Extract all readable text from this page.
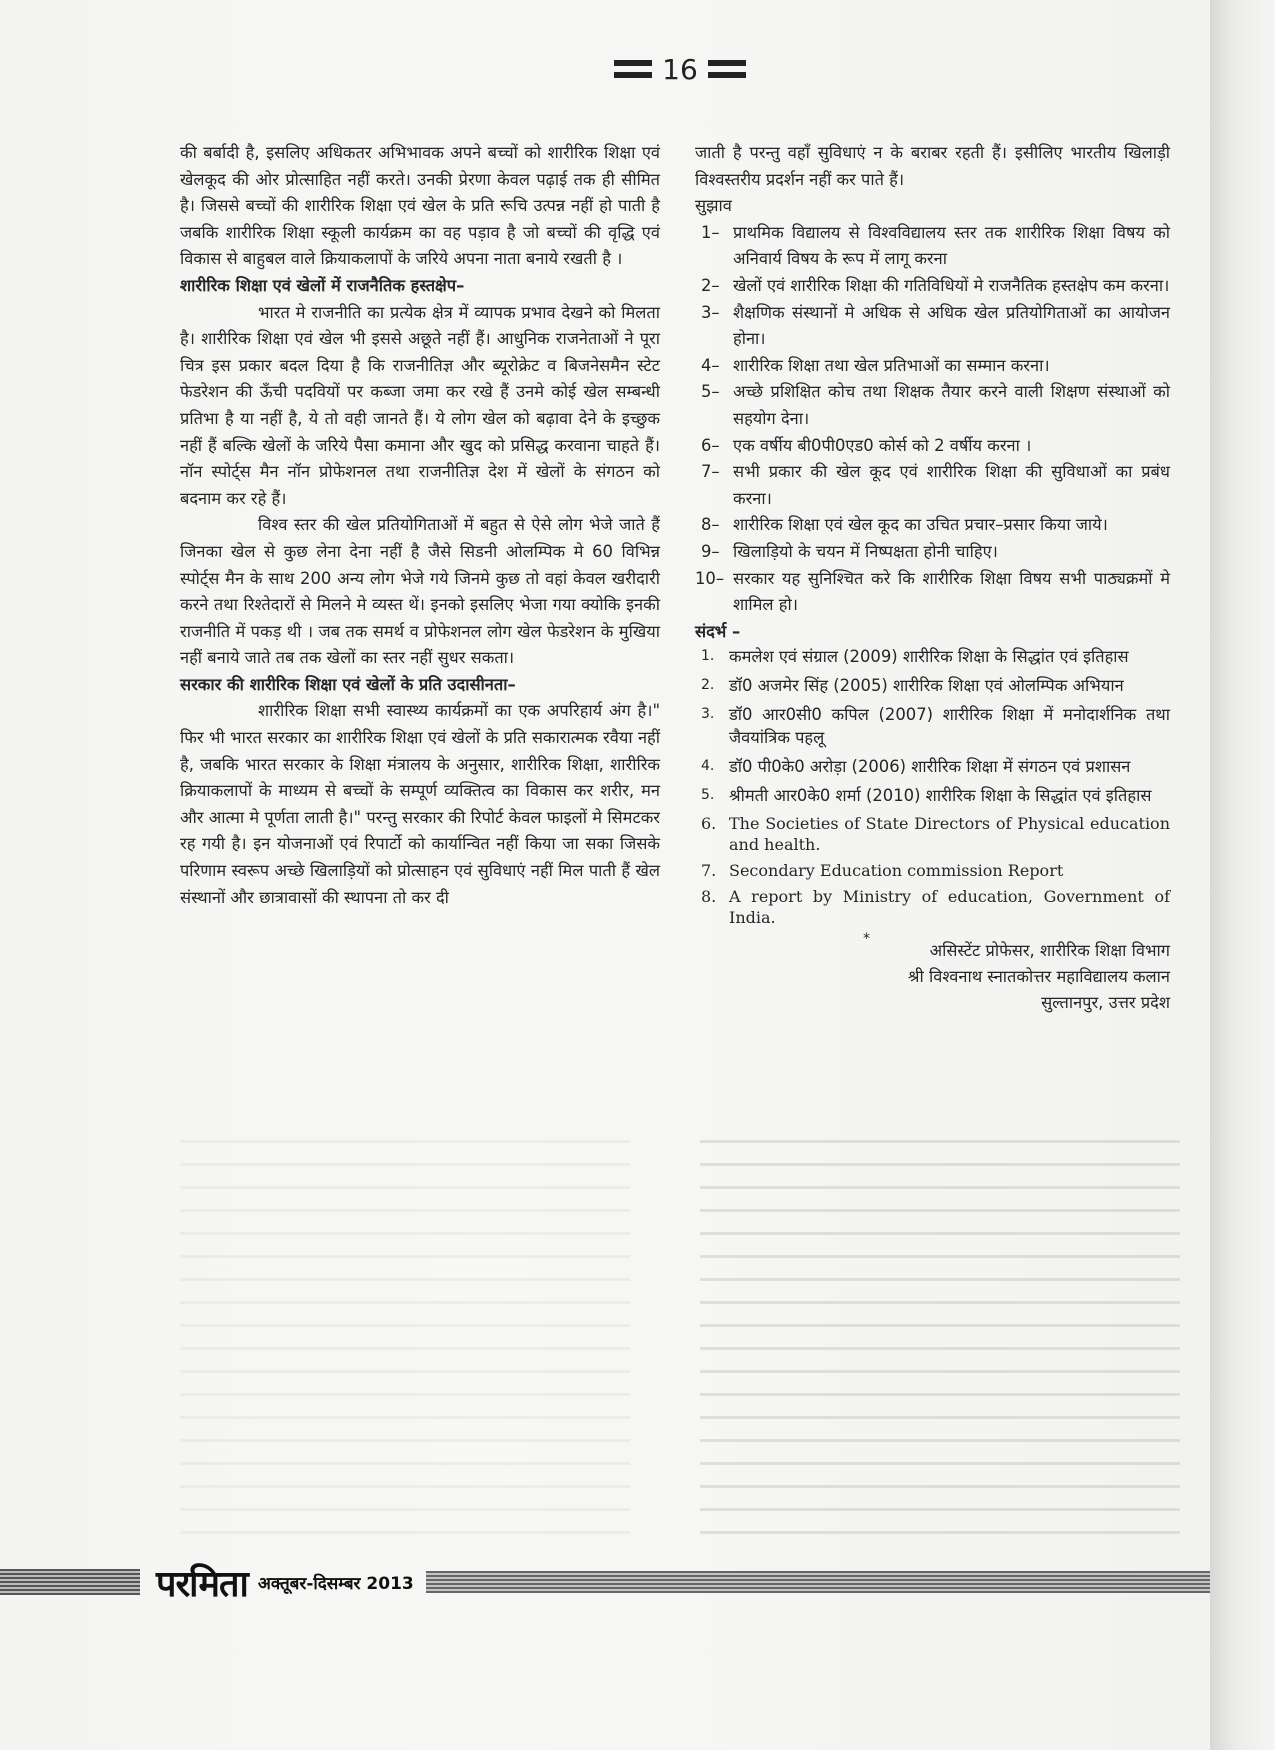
16

की बर्बादी है, इसलिए अधिकतर अभिभावक अपने बच्चों को शारीरिक शिक्षा एवं खेलकूद की ओर प्रोत्साहित नहीं करते। उनकी प्रेरणा केवल पढ़ाई तक ही सीमित है। जिससे बच्चों की शारीरिक शिक्षा एवं खेल के प्रति रूचि उत्पन्न नहीं हो पाती है जबकि शारीरिक शिक्षा स्कूली कार्यक्रम का वह पड़ाव है जो बच्चों की वृद्धि एवं विकास से बाहुबल वाले क्रियाकलापों के जरिये अपना नाता बनाये रखती है ।

शारीरिक शिक्षा एवं खेलों में राजनैतिक हस्तक्षेप–

भारत मे राजनीति का प्रत्येक क्षेत्र में व्यापक प्रभाव देखने को मिलता है। शारीरिक शिक्षा एवं खेल भी इससे अछूते नहीं हैं। आधुनिक राजनेताओं ने पूरा चित्र इस प्रकार बदल दिया है कि राजनीतिज्ञ और ब्यूरोक्रेट व बिजनेसमैन स्टेट फेडरेशन की ऊँची पदवियों पर कब्जा जमा कर रखे हैं उनमे कोई खेल सम्बन्धी प्रतिभा है या नहीं है, ये तो वही जानते हैं। ये लोग खेल को बढ़ावा देने के इच्छुक नहीं हैं बल्कि खेलों के जरिये पैसा कमाना और खुद को प्रसिद्ध करवाना चाहते हैं। नॉन स्पोर्ट्स मैन नॉन प्रोफेशनल तथा राजनीतिज्ञ देश में खेलों के संगठन को बदनाम कर रहे हैं।

विश्व स्तर की खेल प्रतियोगिताओं में बहुत से ऐसे लोग भेजे जाते हैं जिनका खेल से कुछ लेना देना नहीं है जैसे सिडनी ओलम्पिक मे 60 विभिन्न स्पोर्ट्स मैन के साथ 200 अन्य लोग भेजे गये जिनमे कुछ तो वहां केवल खरीदारी करने तथा रिश्तेदारों से मिलने मे व्यस्त थें। इनको इसलिए भेजा गया क्योकि इनकी राजनीति में पकड़ थी । जब तक समर्थ व प्रोफेशनल लोग खेल फेडरेशन के मुखिया नहीं बनाये जाते तब तक खेलों का स्तर नहीं सुधर सकता।

सरकार की शारीरिक शिक्षा एवं खेलों के प्रति उदासीनता–

शारीरिक शिक्षा सभी स्वास्थ्य कार्यक्रमों का एक अपरिहार्य अंग है।" फिर भी भारत सरकार का शारीरिक शिक्षा एवं खेलों के प्रति सकारात्मक रवैया नहीं है, जबकि भारत सरकार के शिक्षा मंत्रालय के अनुसार, शारीरिक शिक्षा, शारीरिक क्रियाकलापों के माध्यम से बच्चों के सम्पूर्ण व्यक्तित्व का विकास कर शरीर, मन और आत्मा मे पूर्णता लाती है।" परन्तु सरकार की रिपोर्ट केवल फाइलों मे सिमटकर रह गयी है। इन योजनाओं एवं रिपार्टो को कार्यान्वित नहीं किया जा सका जिसके परिणाम स्वरूप अच्छे खिलाड़ियों को प्रोत्साहन एवं सुविधाएं नहीं मिल पाती हैं खेल संस्थानों और छात्रावासों की स्थापना तो कर दी

जाती है परन्तु वहाँ सुविधाएं न के बराबर रहती हैं। इसीलिए भारतीय खिलाड़ी विश्वस्तरीय प्रदर्शन नहीं कर पाते हैं।

सुझाव

1– प्राथमिक विद्यालय से विश्वविद्यालय स्तर तक शारीरिक शिक्षा विषय को अनिवार्य विषय के रूप में लागू करना
2– खेलों एवं शारीरिक शिक्षा की गतिविधियों मे राजनैतिक हस्तक्षेप कम करना।
3– शैक्षणिक संस्थानों मे अधिक से अधिक खेल प्रतियोगिताओं का आयोजन होना।
4– शारीरिक शिक्षा तथा खेल प्रतिभाओं का सम्मान करना।
5– अच्छे प्रशिक्षित कोच तथा शिक्षक तैयार करने वाली शिक्षण संस्थाओं को सहयोग देना।
6– एक वर्षीय बी0पी0एड0 कोर्स को 2 वर्षीय करना ।
7– सभी प्रकार की खेल कूद एवं शारीरिक शिक्षा की सुविधाओं का प्रबंध करना।
8– शारीरिक शिक्षा एवं खेल कूद का उचित प्रचार–प्रसार किया जाये।
9– खिलाड़ियो के चयन में निष्पक्षता होनी चाहिए।
10– सरकार यह सुनिश्चित करे कि शारीरिक शिक्षा विषय सभी पाठ्यक्रमों मे शामिल हो।

संदर्भ –

1. कमलेश एवं संग्राल (2009) शारीरिक शिक्षा के सिद्धांत एवं इतिहास
2. डॉ0 अजमेर सिंह (2005) शारीरिक शिक्षा एवं ओलम्पिक अभियान
3. डॉ0 आर0सी0 कपिल (2007) शारीरिक शिक्षा में मनोदार्शनिक तथा जैवयांत्रिक पहलू
4. डॉ0 पी0के0 अरोड़ा (2006) शारीरिक शिक्षा में संगठन एवं प्रशासन
5. श्रीमती आर0के0 शर्मा (2010) शारीरिक शिक्षा के सिद्धांत एवं इतिहास
6. The Societies of State Directors of Physical education and health.
7. Secondary Education commission Report
8. A report by Ministry of education, Government of India.
*
असिस्टेंट प्रोफेसर, शारीरिक शिक्षा विभाग
श्री विश्वनाथ स्नातकोत्तर महाविद्यालय कलान
सुल्तानपुर, उत्तर प्रदेश
परमिता अक्तूबर-दिसम्बर 2013
